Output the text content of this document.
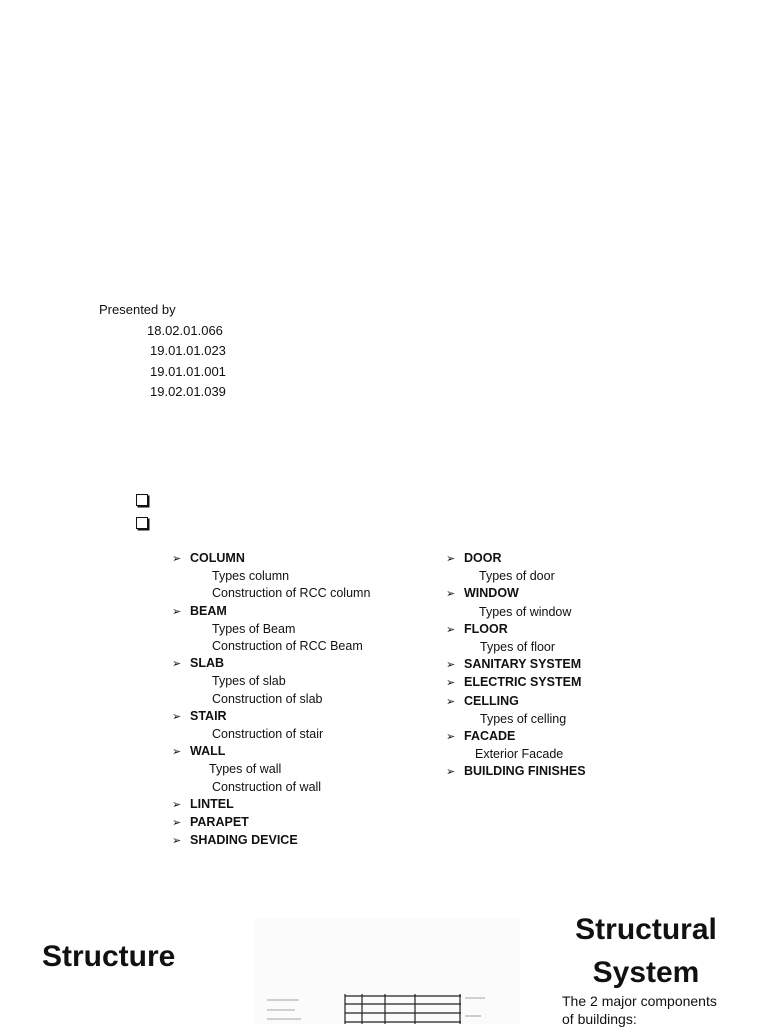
Presented by
18.02.01.066
19.01.01.023
19.01.01.001
19.02.01.039
➢ COLUMN
Types column
Construction of RCC column
➢ BEAM
Types of Beam
Construction of RCC Beam
➢ SLAB
Types of slab
Construction of slab
➢ STAIR
Construction of stair
➢ WALL
Types of wall
Construction of wall
➢ LINTEL
➢ PARAPET
➢ SHADING DEVICE
➢ DOOR
Types of door
➢ WINDOW
Types of window
➢ FLOOR
Types of floor
➢ SANITARY SYSTEM
➢ ELECTRIC SYSTEM
➢ CELLING
Types of celling
➢ FACADE
Exterior Facade
➢ BUILDING FINISHES
Structure
Structural
System
The 2 major components
of buildings:
